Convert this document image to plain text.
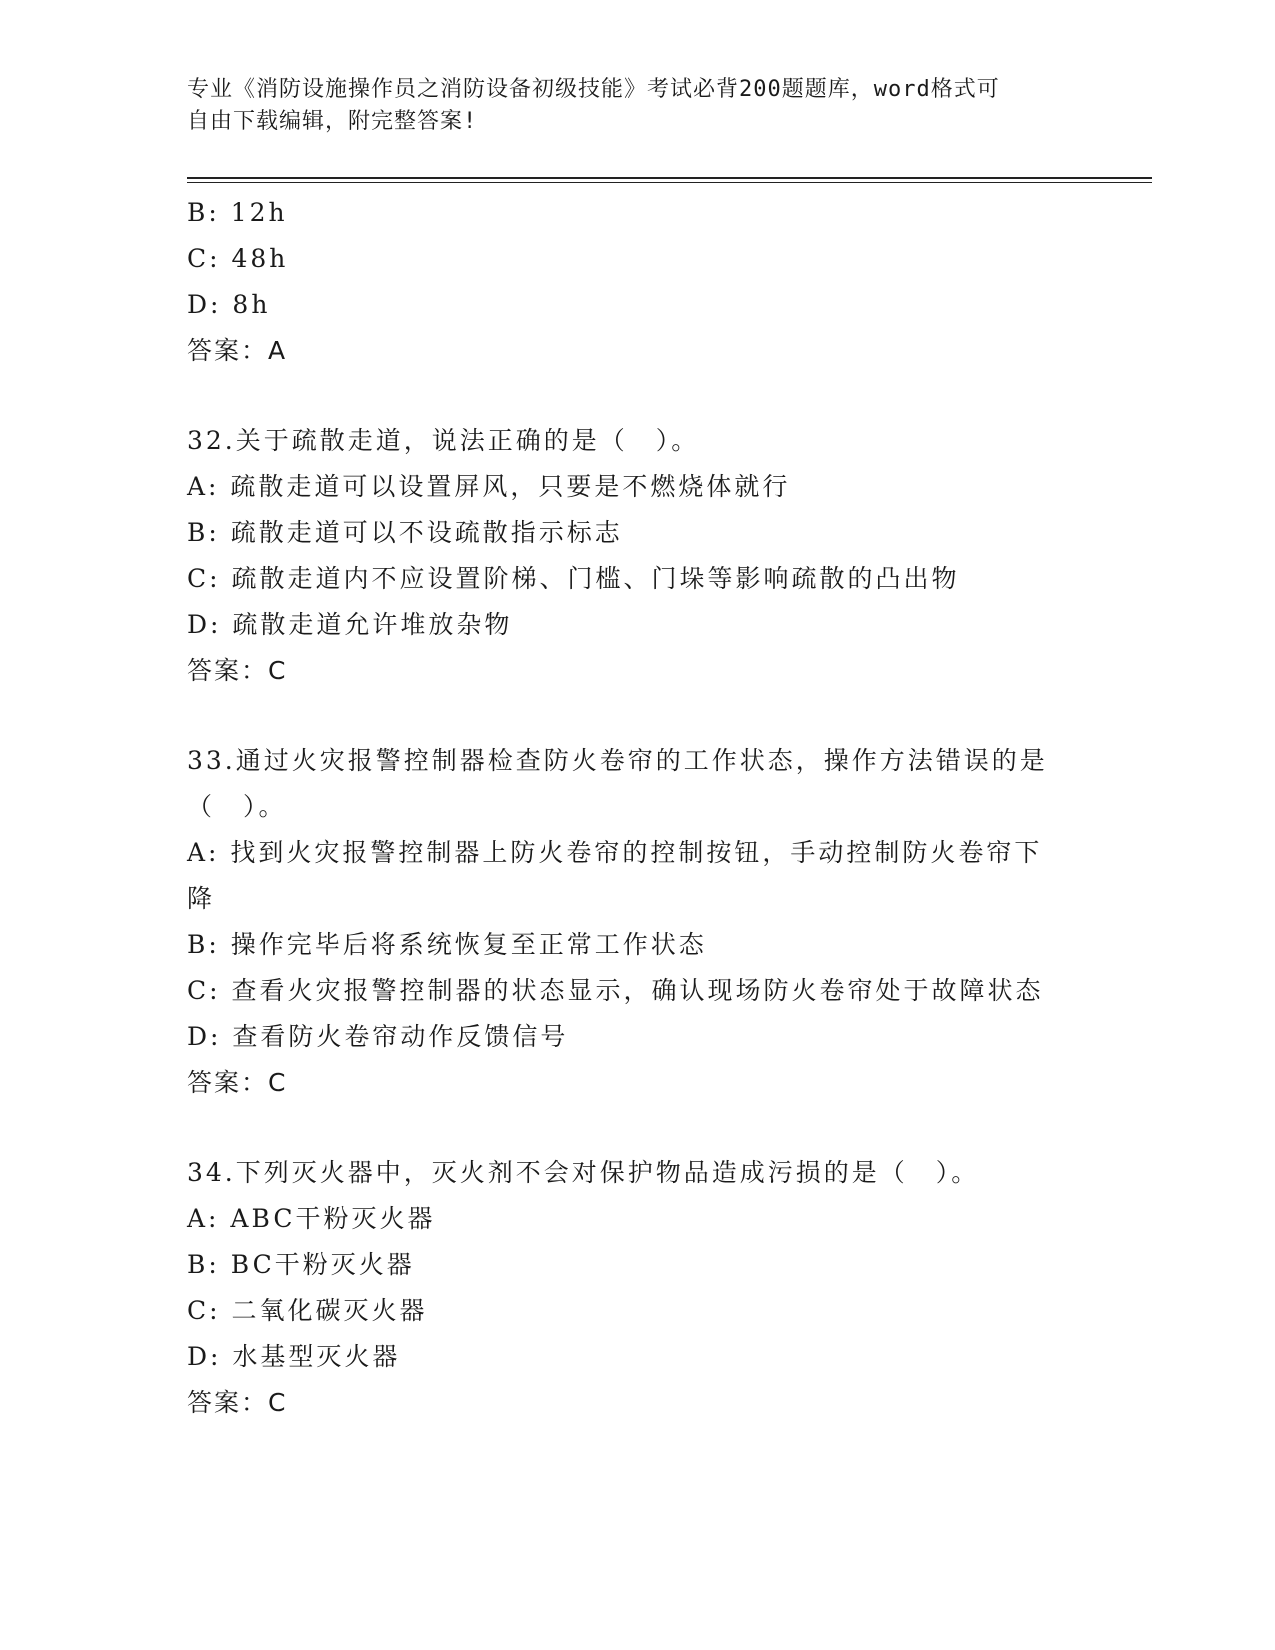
专业《消防设施操作员之消防设备初级技能》考试必背200题题库，word格式可
自由下载编辑，附完整答案!
B: 12h
C: 48h
D: 8h
答案：A
32.关于疏散走道，说法正确的是（　）。
A: 疏散走道可以设置屏风，只要是不燃烧体就行
B: 疏散走道可以不设疏散指示标志
C: 疏散走道内不应设置阶梯、门槛、门垛等影响疏散的凸出物
D: 疏散走道允许堆放杂物
答案：C
33.通过火灾报警控制器检查防火卷帘的工作状态，操作方法错误的是
（　）。
A: 找到火灾报警控制器上防火卷帘的控制按钮，手动控制防火卷帘下
降
B: 操作完毕后将系统恢复至正常工作状态
C: 查看火灾报警控制器的状态显示，确认现场防火卷帘处于故障状态
D: 查看防火卷帘动作反馈信号
答案：C
34.下列灭火器中，灭火剂不会对保护物品造成污损的是（　）。
A: ABC干粉灭火器
B: BC干粉灭火器
C: 二氧化碳灭火器
D: 水基型灭火器
答案：C
